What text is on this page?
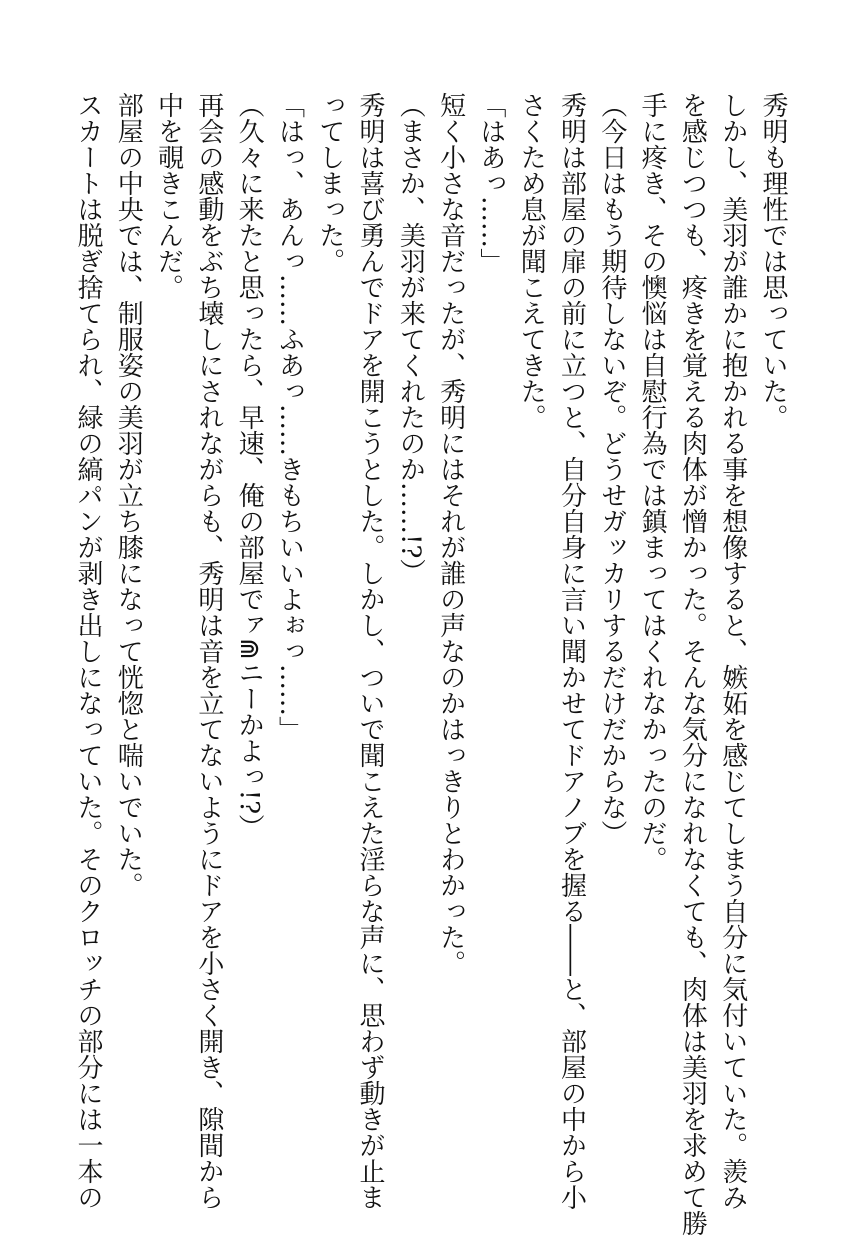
秀明も理性では思っていた。
しかし、美羽が誰かに抱かれる事を想像すると、嫉妬を感じてしまう自分に気付いていた。羨み
を感じつつも、疼きを覚える肉体が憎かった。そんな気分になれなくても、肉体は美羽を求めて勝
手に疼き、その懊悩は自慰行為では鎮まってはくれなかったのだ。
（今日はもう期待しないぞ。どうせガッカリするだけだからな）
秀明は部屋の扉の前に立つと、自分自身に言い聞かせてドアノブを握る――と、部屋の中から小
さくため息が聞こえてきた。
「はあっ……」
短く小さな音だったが、秀明にはそれが誰の声なのかはっきりとわかった。
（まさか、美羽が来てくれたのか……!?）
秀明は喜び勇んでドアを開こうとした。しかし、ついで聞こえた淫らな声に、思わず動きが止ま
ってしまった。
「はっ、あんっ……ふあっ……きもちいいよぉっ……」
（久々に来たと思ったら、早速、俺の部屋でァ⋒ニーかよっ!?）
再会の感動をぶち壊しにされながらも、秀明は音を立てないようにドアを小さく開き、隙間から
中を覗きこんだ。
部屋の中央では、制服姿の美羽が立ち膝になって恍惚と喘いでいた。
スカートは脱ぎ捨てられ、緑の縞パンが剥き出しになっていた。そのクロッチの部分には一本の
